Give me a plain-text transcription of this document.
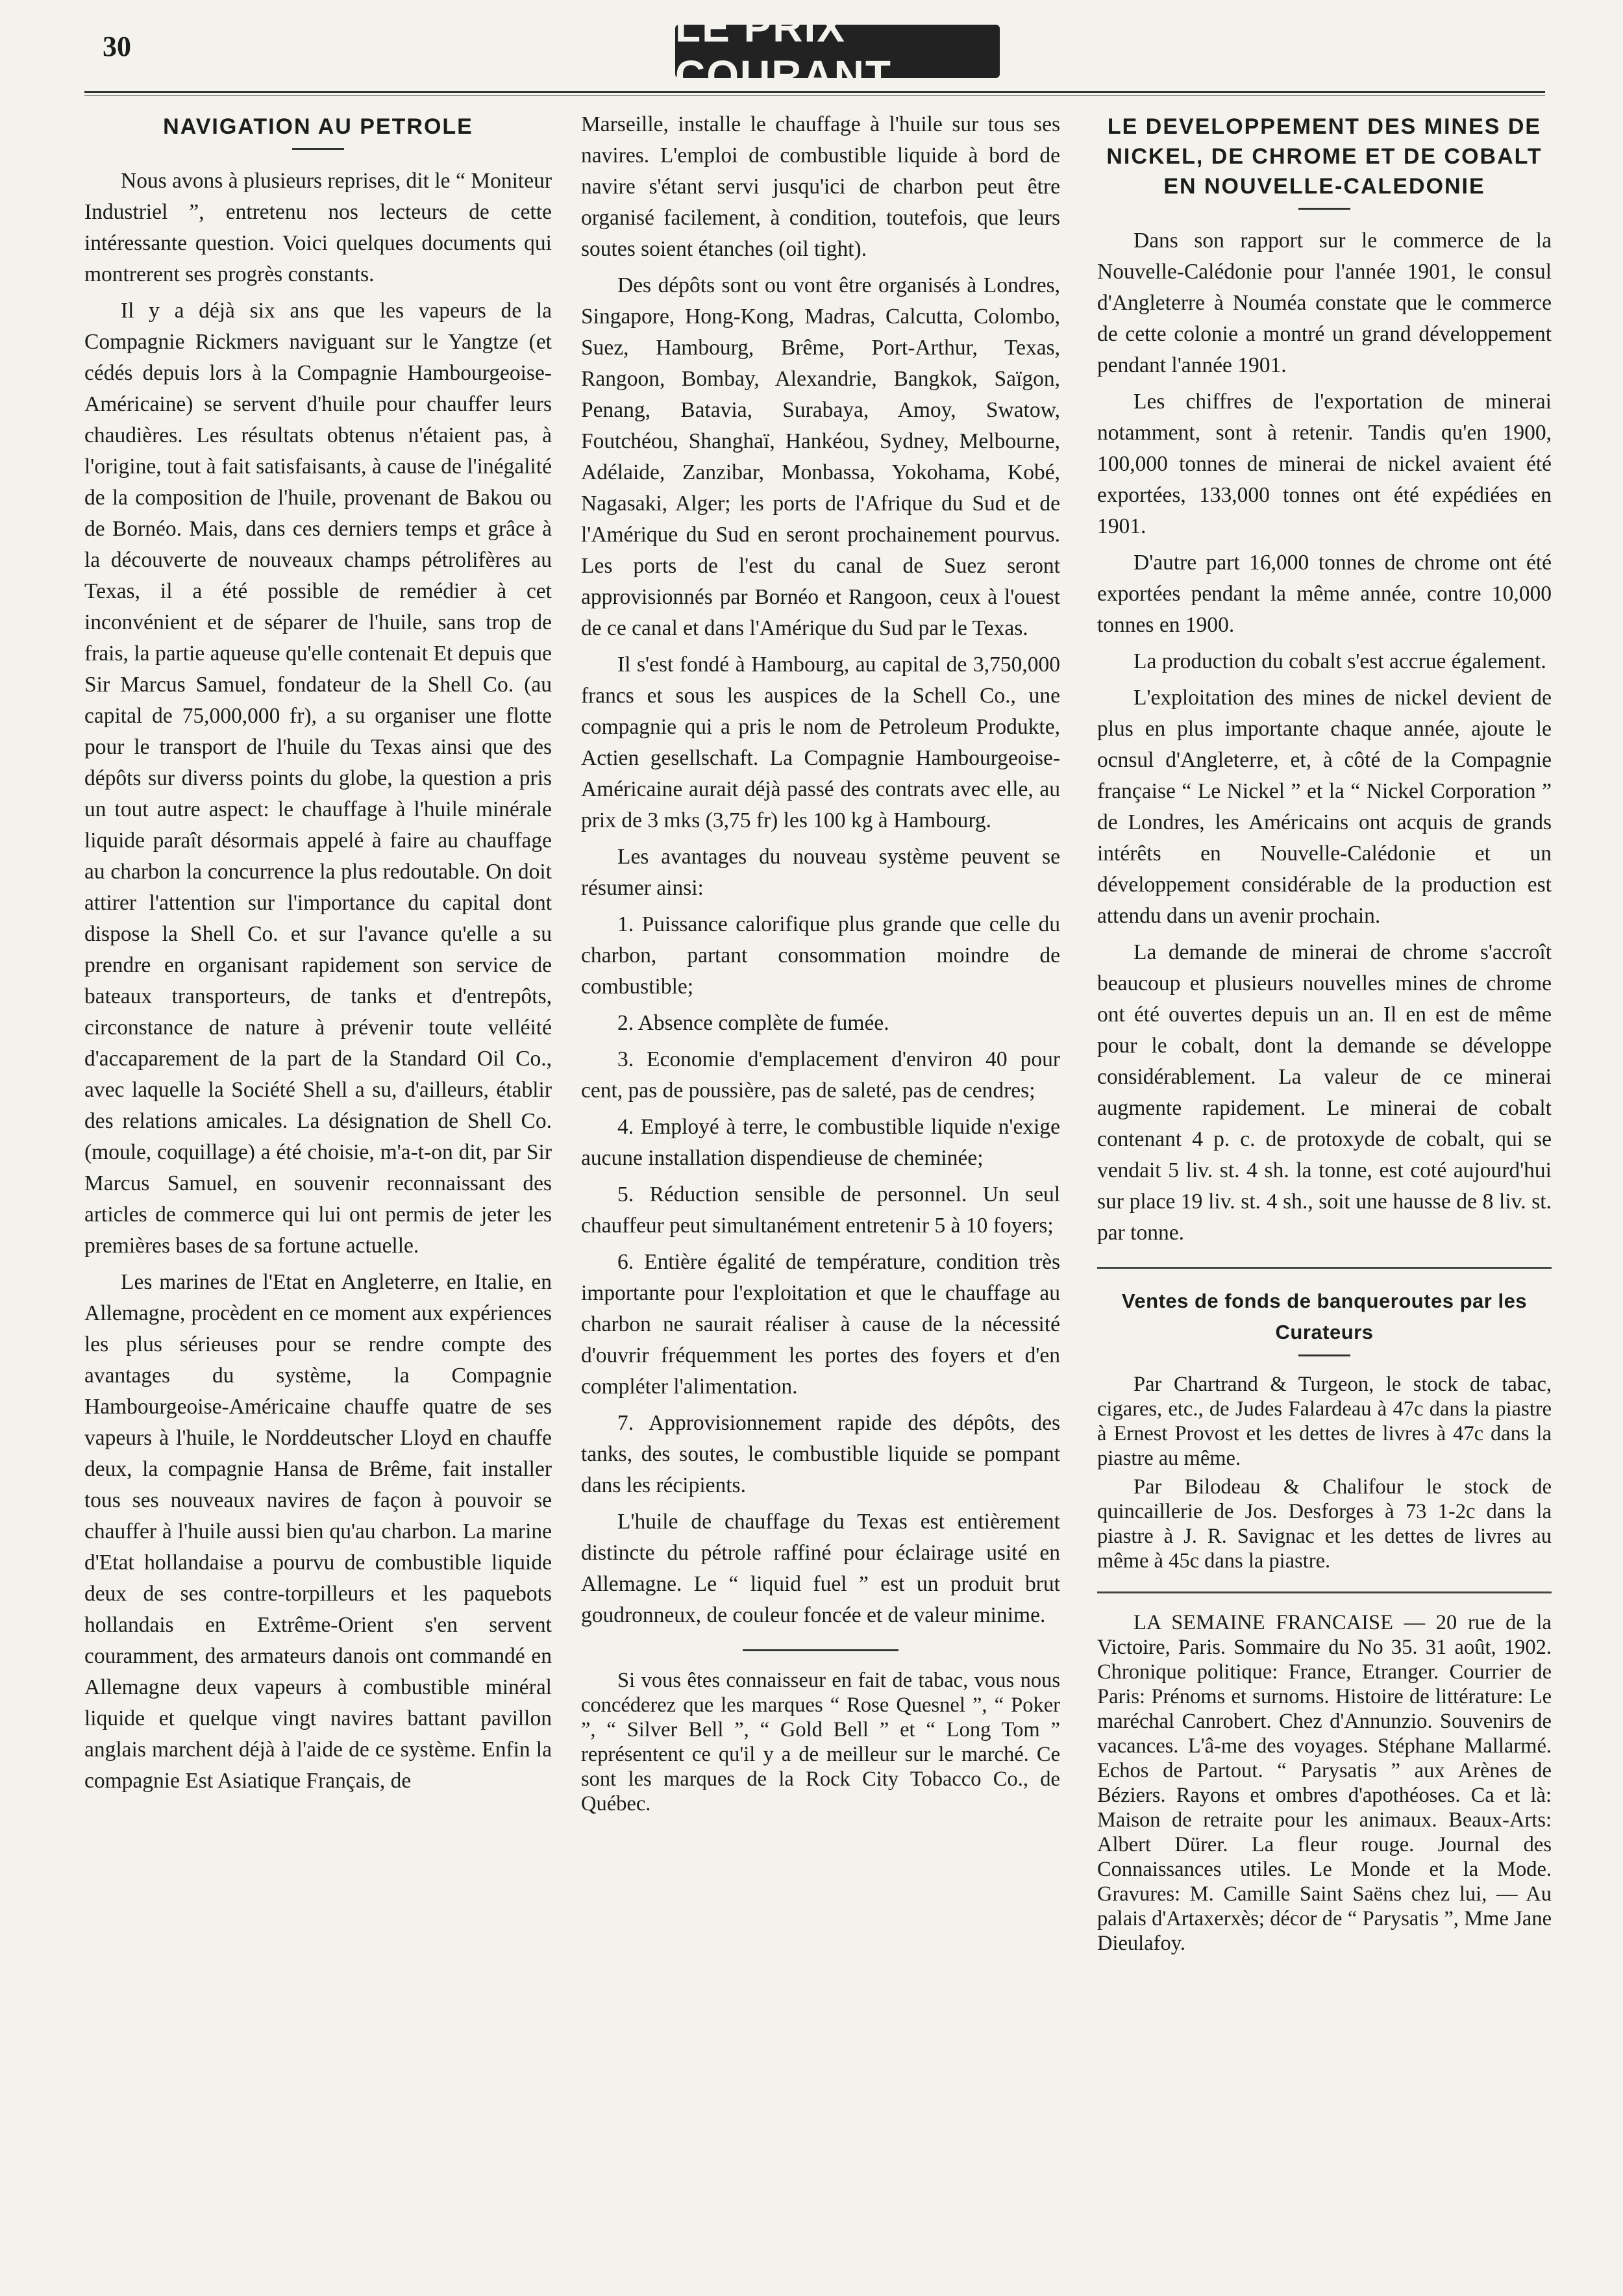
30	LE PRIX COURANT
NAVIGATION AU PETROLE

Nous avons à plusieurs reprises, dit le “ Moniteur Industriel ”, entretenu nos lecteurs de cette intéressante question. Voici quelques documents qui montrerent ses progrès constants.

Il y a déjà six ans que les vapeurs de la Compagnie Rickmers naviguant sur le Yangtze (et cédés depuis lors à la Compagnie Hambourgeoise-Américaine) se servent d'huile pour chauffer leurs chaudières. Les résultats obtenus n'étaient pas, à l'origine, tout à fait satisfaisants, à cause de l'inégalité de la composition de l'huile, provenant de Bakou ou de Bornéo. Mais, dans ces derniers temps et grâce à la découverte de nouveaux champs pétrolifères au Texas, il a été possible de remédier à cet inconvénient et de séparer de l'huile, sans trop de frais, la partie aqueuse qu'elle contenait Et depuis que Sir Marcus Samuel, fondateur de la Shell Co. (au capital de 75,000,000 fr), a su organiser une flotte pour le transport de l'huile du Texas ainsi que des dépôts sur diverss points du globe, la question a pris un tout autre aspect: le chauffage à l'huile minérale liquide paraît désormais appelé à faire au chauffage au charbon la concurrence la plus redoutable. On doit attirer l'attention sur l'importance du capital dont dispose la Shell Co. et sur l'avance qu'elle a su prendre en organisant rapidement son service de bateaux transporteurs, de tanks et d'entrepôts, circonstance de nature à prévenir toute velléité d'accaparement de la part de la Standard Oil Co., avec laquelle la Société Shell a su, d'ailleurs, établir des relations amicales. La désignation de Shell Co. (moule, coquillage) a été choisie, m'a-t-on dit, par Sir Marcus Samuel, en souvenir reconnaissant des articles de commerce qui lui ont permis de jeter les premières bases de sa fortune actuelle.

Les marines de l'Etat en Angleterre, en Italie, en Allemagne, procèdent en ce moment aux expériences les plus sérieuses pour se rendre compte des avantages du système, la Compagnie Hambourgeoise-Américaine chauffe quatre de ses vapeurs à l'huile, le Norddeutscher Lloyd en chauffe deux, la compagnie Hansa de Brême, fait installer tous ses nouveaux navires de façon à pouvoir se chauffer à l'huile aussi bien qu'au charbon. La marine d'Etat hollandaise a pourvu de combustible liquide deux de ses contre-torpilleurs et les paquebots hollandais en Extrême-Orient s'en servent couramment, des armateurs danois ont commandé en Allemagne deux vapeurs à combustible minéral liquide et quelque vingt navires battant pavillon anglais marchent déjà à l'aide de ce système. Enfin la compagnie Est Asiatique Français, de

Marseille, installe le chauffage à l'huile sur tous ses navires. L'emploi de combustible liquide à bord de navire s'étant servi jusqu'ici de charbon peut être organisé facilement, à condition, toutefois, que leurs soutes soient étanches (oil tight).

Des dépôts sont ou vont être organisés à Londres, Singapore, Hong-Kong, Madras, Calcutta, Colombo, Suez, Hambourg, Brême, Port-Arthur, Texas, Rangoon, Bombay, Alexandrie, Bangkok, Saïgon, Penang, Batavia, Surabaya, Amoy, Swatow, Foutchéou, Shanghaï, Hankéou, Sydney, Melbourne, Adélaide, Zanzibar, Monbassa, Yokohama, Kobé, Nagasaki, Alger; les ports de l'Afrique du Sud et de l'Amérique du Sud en seront prochainement pourvus. Les ports de l'est du canal de Suez seront approvisionnés par Bornéo et Rangoon, ceux à l'ouest de ce canal et dans l'Amérique du Sud par le Texas.

Il s'est fondé à Hambourg, au capital de 3,750,000 francs et sous les auspices de la Schell Co., une compagnie qui a pris le nom de Petroleum Produkte, Actien gesellschaft. La Compagnie Hambourgeoise-Américaine aurait déjà passé des contrats avec elle, au prix de 3 mks (3,75 fr) les 100 kg à Hambourg.

Les avantages du nouveau système peuvent se résumer ainsi:

1. Puissance calorifique plus grande que celle du charbon, partant consommation moindre de combustible;

2. Absence complète de fumée.

3. Economie d'emplacement d'environ 40 pour cent, pas de poussière, pas de saleté, pas de cendres;

4. Employé à terre, le combustible liquide n'exige aucune installation dispendieuse de cheminée;

5. Réduction sensible de personnel. Un seul chauffeur peut simultanément entretenir 5 à 10 foyers;

6. Entière égalité de température, condition très importante pour l'exploitation et que le chauffage au charbon ne saurait réaliser à cause de la nécessité d'ouvrir fréquemment les portes des foyers et d'en compléter l'alimentation.

7. Approvisionnement rapide des dépôts, des tanks, des soutes, le combustible liquide se pompant dans les récipients.

L'huile de chauffage du Texas est entièrement distincte du pétrole raffiné pour éclairage usité en Allemagne. Le “ liquid fuel ” est un produit brut goudronneux, de couleur foncée et de valeur minime.

Si vous êtes connaisseur en fait de tabac, vous nous concéderez que les marques “ Rose Quesnel ”, “ Poker ”, “ Silver Bell ”, “ Gold Bell ” et “ Long Tom ” représentent ce qu'il y a de meilleur sur le marché. Ce sont les marques de la Rock City Tobacco Co., de Québec.

LE DEVELOPPEMENT DES MINES DE NICKEL, DE CHROME ET DE COBALT EN NOUVELLE-CALEDONIE

Dans son rapport sur le commerce de la Nouvelle-Calédonie pour l'année 1901, le consul d'Angleterre à Nouméa constate que le commerce de cette colonie a montré un grand développement pendant l'année 1901.

Les chiffres de l'exportation de minerai notamment, sont à retenir. Tandis qu'en 1900, 100,000 tonnes de minerai de nickel avaient été exportées, 133,000 tonnes ont été expédiées en 1901.

D'autre part 16,000 tonnes de chrome ont été exportées pendant la même année, contre 10,000 tonnes en 1900.

La production du cobalt s'est accrue également.

L'exploitation des mines de nickel devient de plus en plus importante chaque année, ajoute le ocnsul d'Angleterre, et, à côté de la Compagnie française “ Le Nickel ” et la “ Nickel Corporation ” de Londres, les Américains ont acquis de grands intérêts en Nouvelle-Calédonie et un développement considérable de la production est attendu dans un avenir prochain.

La demande de minerai de chrome s'accroît beaucoup et plusieurs nouvelles mines de chrome ont été ouvertes depuis un an. Il en est de même pour le cobalt, dont la demande se développe considérablement. La valeur de ce minerai augmente rapidement. Le minerai de cobalt contenant 4 p. c. de protoxyde de cobalt, qui se vendait 5 liv. st. 4 sh. la tonne, est coté aujourd'hui sur place 19 liv. st. 4 sh., soit une hausse de 8 liv. st. par tonne.

Ventes de fonds de banqueroutes par les Curateurs

Par Chartrand & Turgeon, le stock de tabac, cigares, etc., de Judes Falardeau à 47c dans la piastre à Ernest Provost et les dettes de livres à 47c dans la piastre au même.

Par Bilodeau & Chalifour le stock de quincaillerie de Jos. Desforges à 73 1-2c dans la piastre à J. R. Savignac et les dettes de livres au même à 45c dans la piastre.

LA SEMAINE FRANCAISE — 20 rue de la Victoire, Paris. Sommaire du No 35. 31 août, 1902. Chronique politique: France, Etranger. Courrier de Paris: Prénoms et surnoms. Histoire de littérature: Le maréchal Canrobert. Chez d'Annunzio. Souvenirs de vacances. L'â-me des voyages. Stéphane Mallarmé. Echos de Partout. “ Parysatis ” aux Arènes de Béziers. Rayons et ombres d'apothéoses. Ca et là: Maison de retraite pour les animaux. Beaux-Arts: Albert Dürer. La fleur rouge. Journal des Connaissances utiles. Le Monde et la Mode. Gravures: M. Camille Saint Saëns chez lui, — Au palais d'Artaxerxès; décor de “ Parysatis ”, Mme Jane Dieulafoy.
